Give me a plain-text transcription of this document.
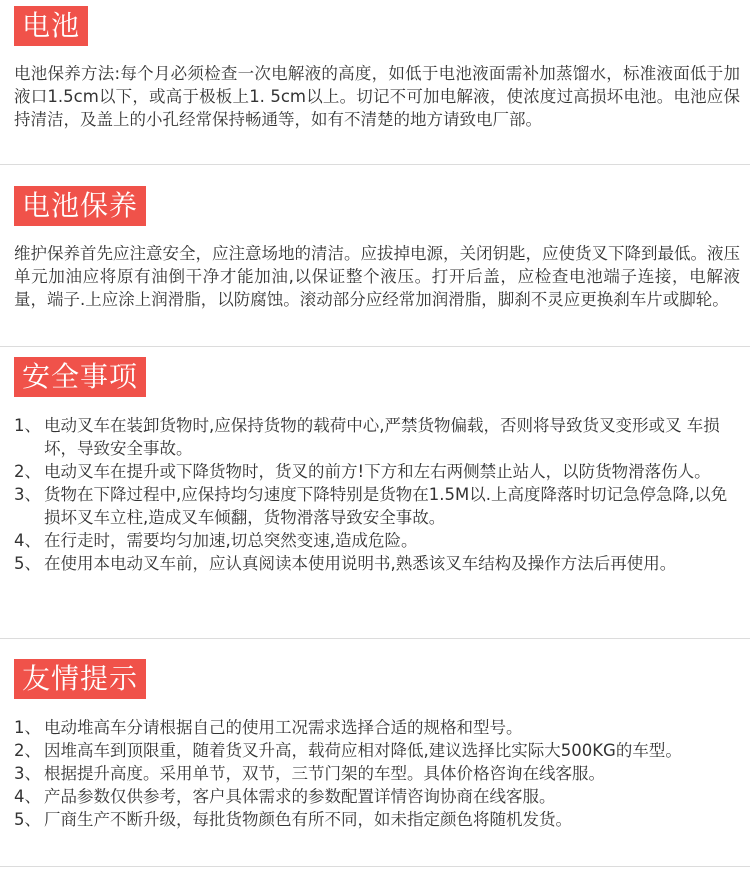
电池
电池保养方法:每个月必须检查一次电解液的高度，如低于电池液面需补加蒸馏水，标准液面低于加液口1.5cm以下，或高于极板上1. 5cm以上。切记不可加电解液，使浓度过高损坏电池。电池应保持清洁，及盖上的小孔经常保持畅通等，如有不清楚的地方请致电厂部。
电池保养
维护保养首先应注意安全，应注意场地的清洁。应拔掉电源，关闭钥匙，应使货叉下降到最低。液压单元加油应将原有油倒干净才能加油,以保证整个液压。打开后盖，应检查电池端子连接，电解液量，端子.上应涂上润滑脂，以防腐蚀。滚动部分应经常加润滑脂，脚刹不灵应更换刹车片或脚轮。
安全事项
1、 电动叉车在装卸货物时,应保持货物的载荷中心,严禁货物偏载，否则将导致货叉变形或叉 车损坏，导致安全事故。
2、 电动叉车在提升或下降货物时，货叉的前方!下方和左右两侧禁止站人，以防货物滑落伤人。
3、 货物在下降过程中,应保持均匀速度下降特别是货物在1.5M以.上高度降落时切记急停急降,以免损坏叉车立柱,造成叉车倾翻，货物滑落导致安全事故。
4、 在行走时，需要均匀加速,切总突然变速,造成危险。
5、 在使用本电动叉车前，应认真阅读本使用说明书,熟悉该叉车结构及操作方法后再使用。
友情提示
1、 电动堆高车分请根据自己的使用工况需求选择合适的规格和型号。
2、 因堆高车到顶限重，随着货叉升高，载荷应相对降低,建议选择比实际大500KG的车型。
3、 根据提升高度。采用单节，双节，三节门架的车型。具体价格咨询在线客服。
4、 产品参数仅供参考，客户具体需求的参数配置详情咨询协商在线客服。
5、 厂商生产不断升级，每批货物颜色有所不同，如未指定颜色将随机发货。
